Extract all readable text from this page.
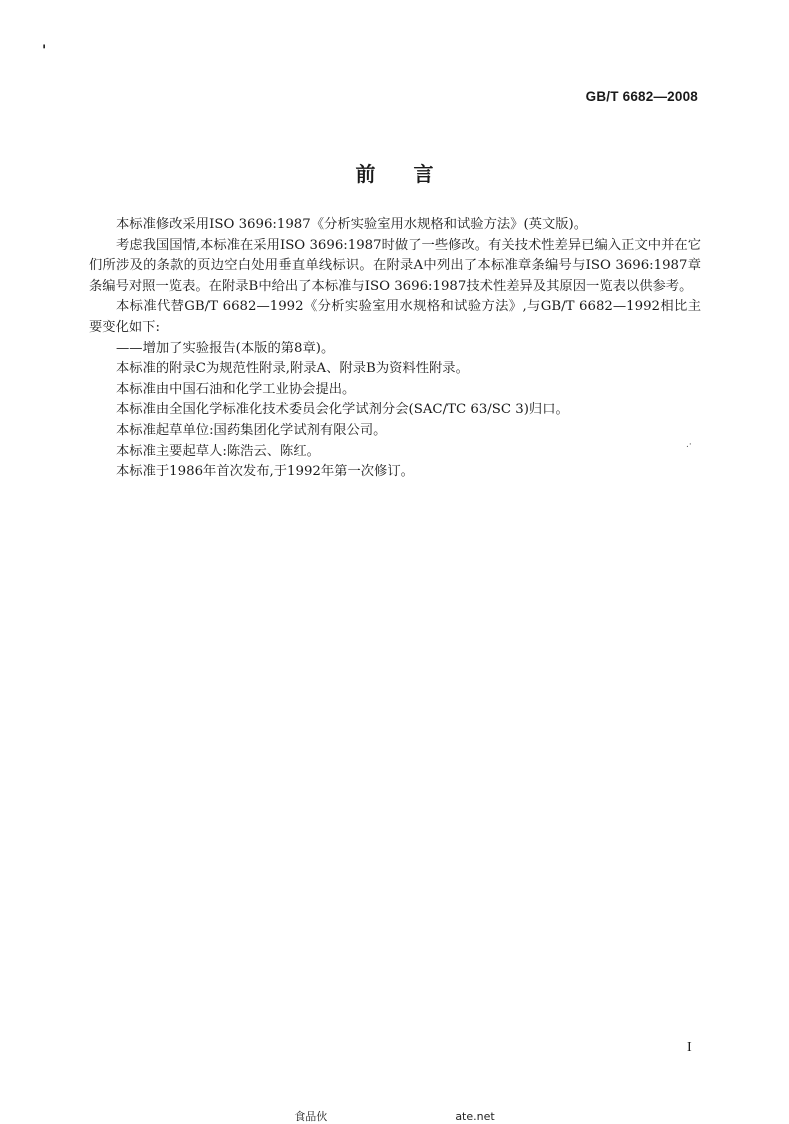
'
GB/T 6682—2008
前 言

本标准修改采用ISO 3696:1987《分析实验室用水规格和试验方法》(英文版)。

考虑我国国情,本标准在采用ISO 3696:1987时做了一些修改。有关技术性差异已编入正文中并在它们所涉及的条款的页边空白处用垂直单线标识。在附录A中列出了本标准章条编号与ISO 3696:1987章条编号对照一览表。在附录B中给出了本标准与ISO 3696:1987技术性差异及其原因一览表以供参考。

本标准代替GB/T 6682—1992《分析实验室用水规格和试验方法》,与GB/T 6682—1992相比主要变化如下:

——增加了实验报告(本版的第8章)。

本标准的附录C为规范性附录,附录A、附录B为资料性附录。

本标准由中国石油和化学工业协会提出。

本标准由全国化学标准化技术委员会化学试剂分会(SAC/TC 63/SC 3)归口。

本标准起草单位:国药集团化学试剂有限公司。

本标准主要起草人:陈浩云、陈红。

本标准于1986年首次发布,于1992年第一次修订。

.·
I
食品伙	ate.net
